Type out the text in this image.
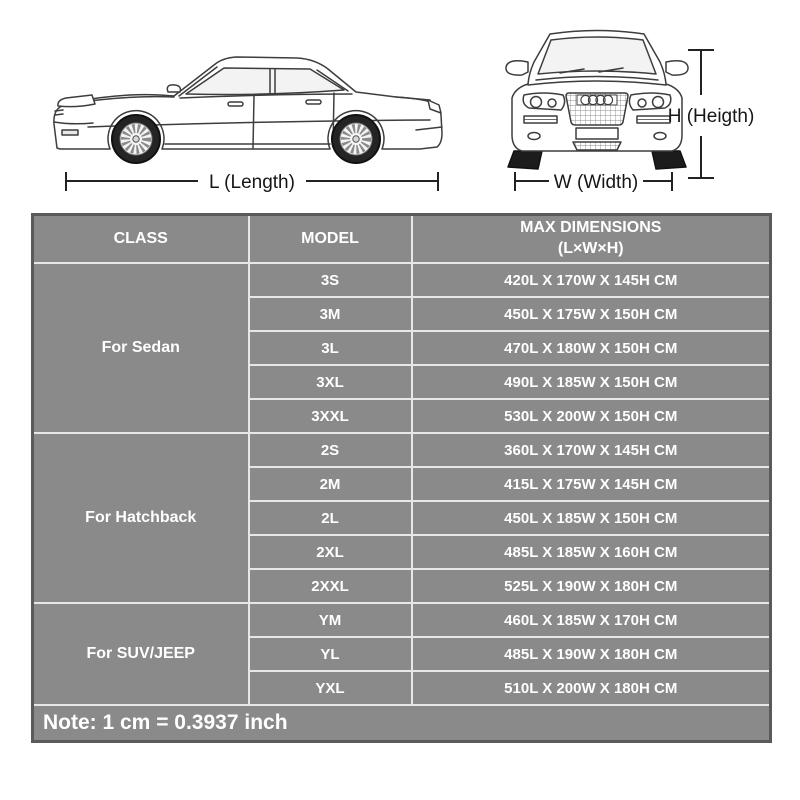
L (Length)	W (Width)
H (Heigth)
CLASS	MODEL	MAX DIMENSIONS
(L×W×H)

For Sedan	3S	420L X 170W X 145H CM
	3M	450L X 175W X 150H CM
	3L	470L X 180W X 150H CM
	3XL	490L X 185W X 150H CM
	3XXL	530L X 200W X 150H CM
For Hatchback	2S	360L X 170W X 145H CM
	2M	415L X 175W X 145H CM
	2L	450L X 185W X 150H CM
	2XL	485L X 185W X 160H CM
	2XXL	525L X 190W X 180H CM
For SUV/JEEP	YM	460L X 185W X 170H CM
	YL	485L X 190W X 180H CM
	YXL	510L X 200W X 180H CM
Note: 1 cm = 0.3937 inch		
